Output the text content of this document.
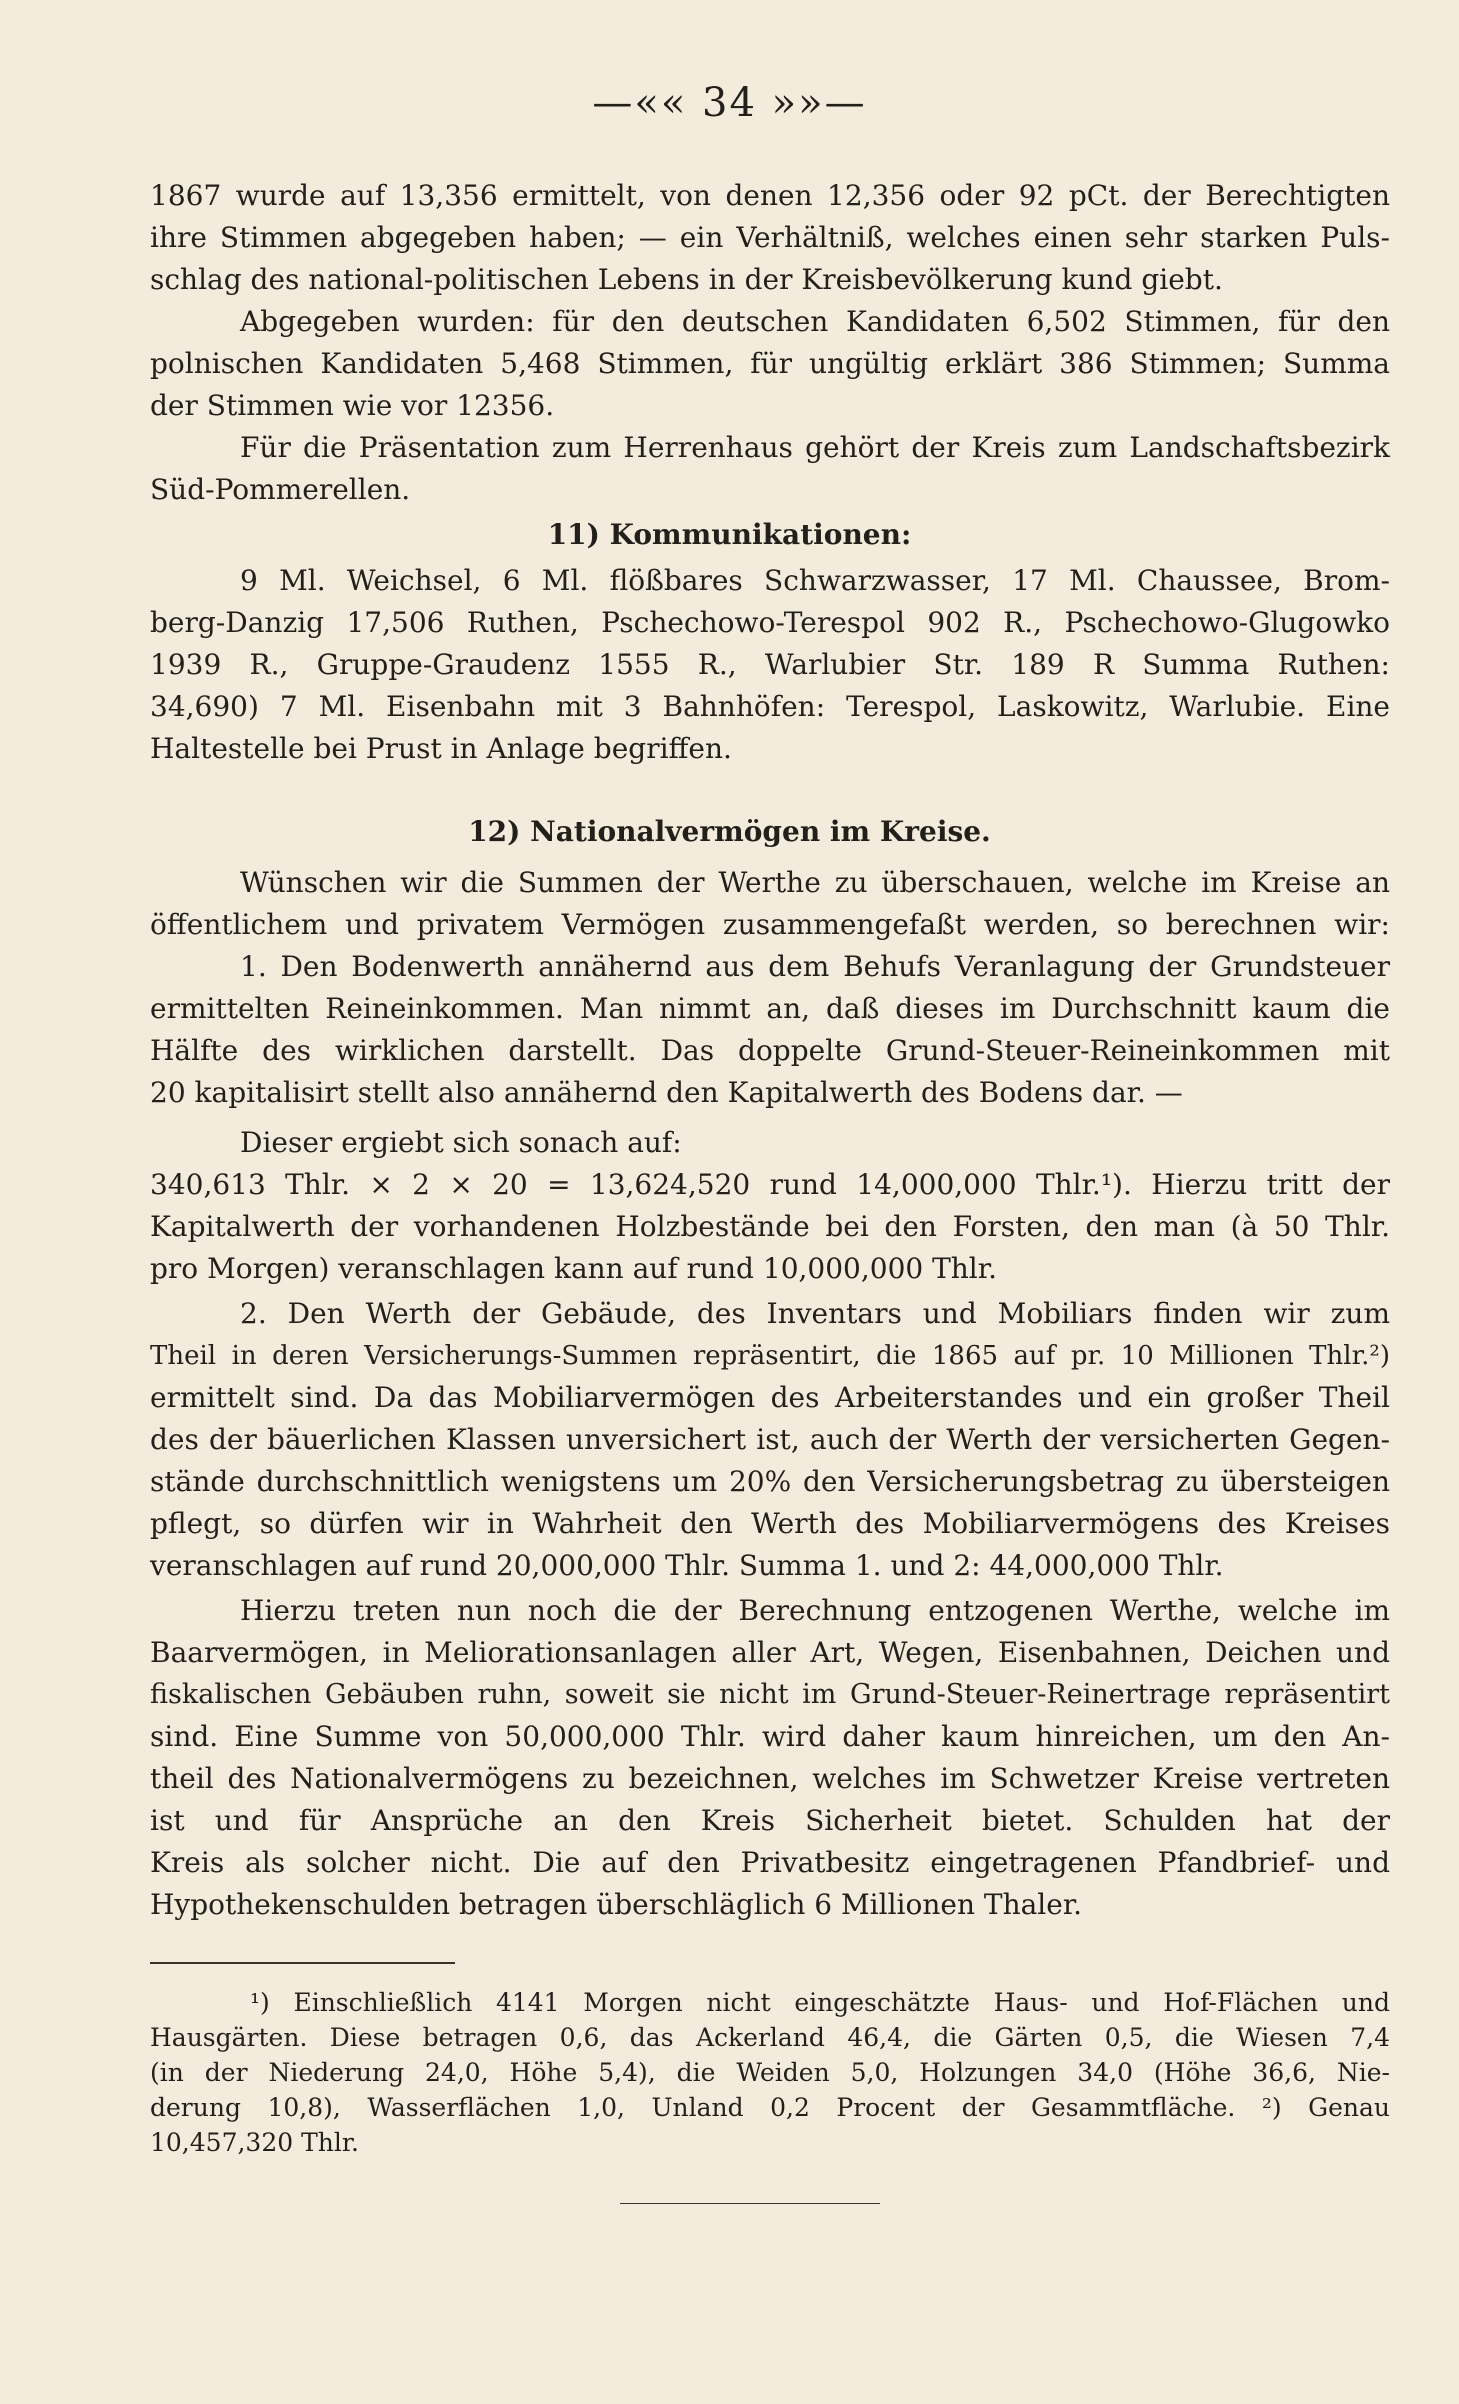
—«« 34 »»—
1867 wurde auf 13,356 ermittelt, von denen 12,356 oder 92 pCt. der Berechtigten
ihre Stimmen abgegeben haben; — ein Verhältniß, welches einen sehr starken Puls-
schlag des national-politischen Lebens in der Kreisbevölkerung kund giebt.
Abgegeben wurden: für den deutschen Kandidaten 6,502 Stimmen, für den
polnischen Kandidaten 5,468 Stimmen, für ungültig erklärt 386 Stimmen; Summa
der Stimmen wie vor 12356.
Für die Präsentation zum Herrenhaus gehört der Kreis zum Landschaftsbezirk
Süd-Pommerellen.
11) Kommunikationen:
9 Ml. Weichsel, 6 Ml. flößbares Schwarzwasser, 17 Ml. Chaussee, Brom-
berg-Danzig 17,506 Ruthen, Pschechowo-Terespol 902 R., Pschechowo-Glugowko
1939 R., Gruppe-Graudenz 1555 R., Warlubier Str. 189 R Summa Ruthen:
34,690) 7 Ml. Eisenbahn mit 3 Bahnhöfen: Terespol, Laskowitz, Warlubie. Eine
Haltestelle bei Prust in Anlage begriffen.
12) Nationalvermögen im Kreise.
Wünschen wir die Summen der Werthe zu überschauen, welche im Kreise an
öffentlichem und privatem Vermögen zusammengefaßt werden, so berechnen wir:
1. Den Bodenwerth annähernd aus dem Behufs Veranlagung der Grundsteuer
ermittelten Reineinkommen. Man nimmt an, daß dieses im Durchschnitt kaum die
Hälfte des wirklichen darstellt. Das doppelte Grund-Steuer-Reineinkommen mit
20 kapitalisirt stellt also annähernd den Kapitalwerth des Bodens dar. —
Dieser ergiebt sich sonach auf:
340,613 Thlr. × 2 × 20 = 13,624,520 rund 14,000,000 Thlr.¹). Hierzu tritt der
Kapitalwerth der vorhandenen Holzbestände bei den Forsten, den man (à 50 Thlr.
pro Morgen) veranschlagen kann auf rund 10,000,000 Thlr.
2. Den Werth der Gebäude, des Inventars und Mobiliars finden wir zum
Theil in deren Versicherungs-Summen repräsentirt, die 1865 auf pr. 10 Millionen Thlr.²)
ermittelt sind. Da das Mobiliarvermögen des Arbeiterstandes und ein großer Theil
des der bäuerlichen Klassen unversichert ist, auch der Werth der versicherten Gegen-
stände durchschnittlich wenigstens um 20% den Versicherungsbetrag zu übersteigen
pflegt, so dürfen wir in Wahrheit den Werth des Mobiliarvermögens des Kreises
veranschlagen auf rund 20,000,000 Thlr. Summa 1. und 2: 44,000,000 Thlr.
Hierzu treten nun noch die der Berechnung entzogenen Werthe, welche im
Baarvermögen, in Meliorationsanlagen aller Art, Wegen, Eisenbahnen, Deichen und
fiskalischen Gebäuben ruhn, soweit sie nicht im Grund-Steuer-Reinertrage repräsentirt
sind. Eine Summe von 50,000,000 Thlr. wird daher kaum hinreichen, um den An-
theil des Nationalvermögens zu bezeichnen, welches im Schwetzer Kreise vertreten
ist und für Ansprüche an den Kreis Sicherheit bietet. Schulden hat der
Kreis als solcher nicht. Die auf den Privatbesitz eingetragenen Pfandbrief- und
Hypothekenschulden betragen überschläglich 6 Millionen Thaler.
¹) Einschließlich 4141 Morgen nicht eingeschätzte Haus- und Hof-Flächen und
Hausgärten. Diese betragen 0,6, das Ackerland 46,4, die Gärten 0,5, die Wiesen 7,4
(in der Niederung 24,0, Höhe 5,4), die Weiden 5,0, Holzungen 34,0 (Höhe 36,6, Nie-
derung 10,8), Wasserflächen 1,0, Unland 0,2 Procent der Gesammtfläche. ²) Genau
10,457,320 Thlr.
